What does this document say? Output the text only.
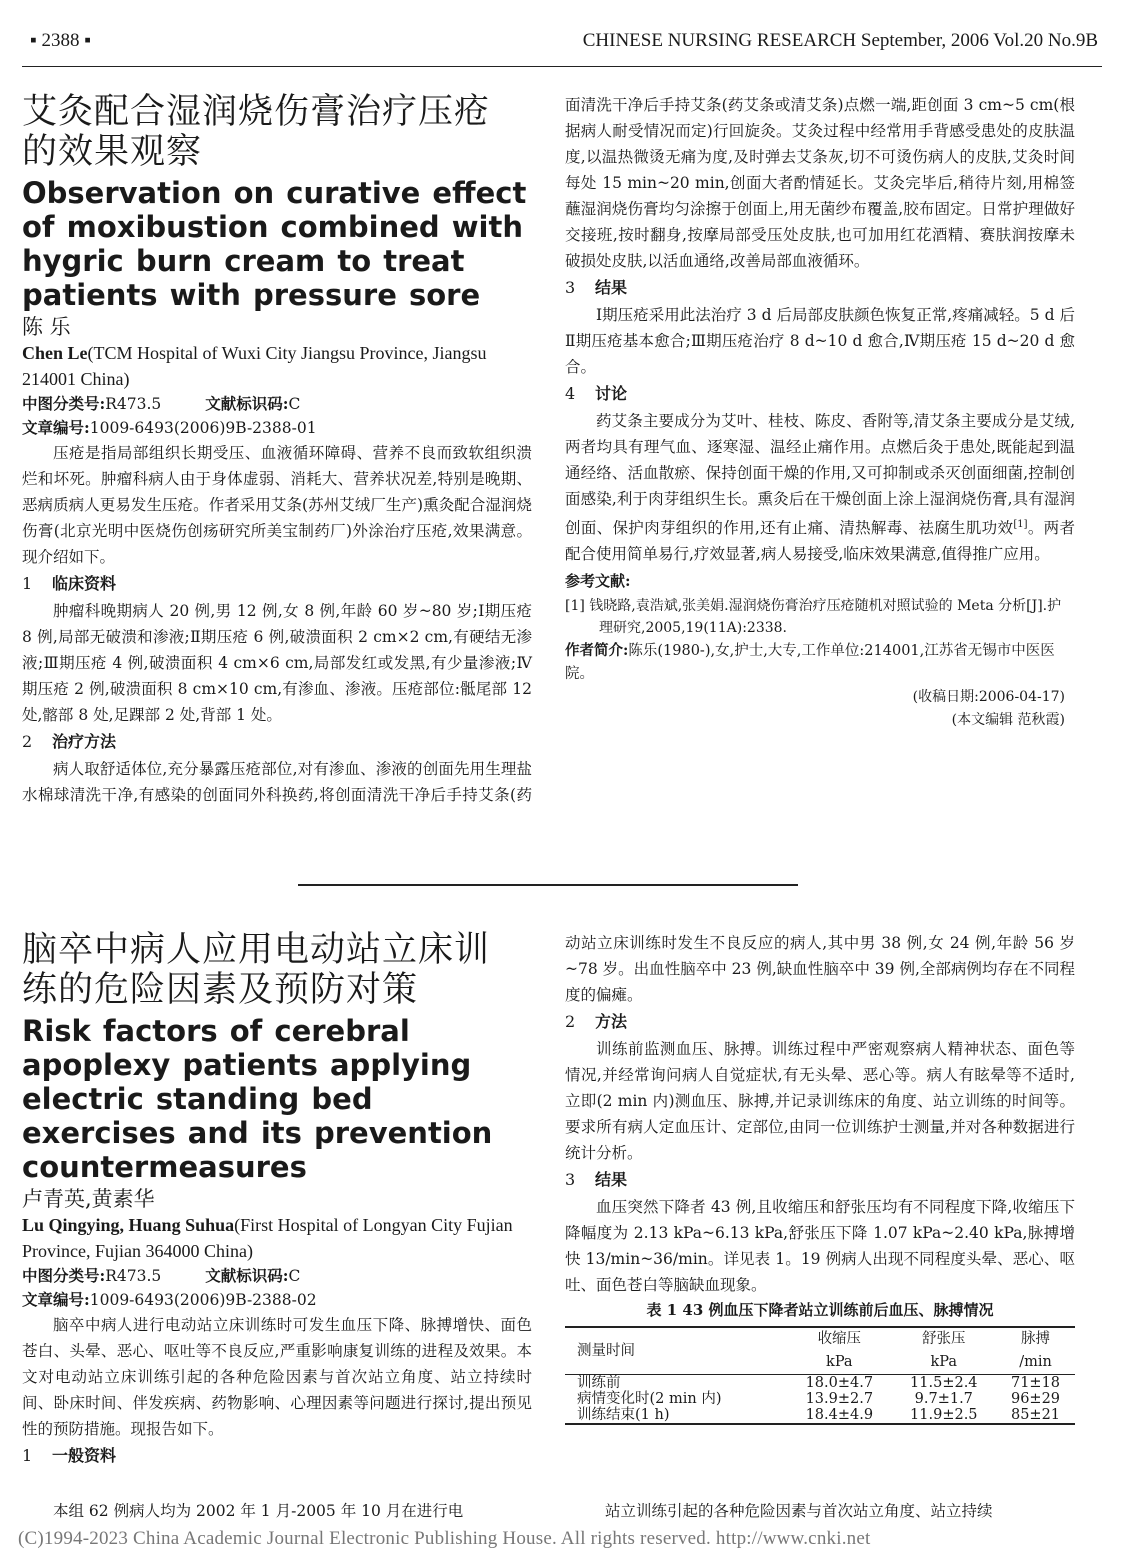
▪ 2388 ▪	CHINESE NURSING RESEARCH September, 2006 Vol.20 No.9B
艾灸配合湿润烧伤膏治疗压疮的效果观察
Observation on curative effect of moxibustion combined with hygric burn cream to treat patients with pressure sore

陈 乐

Chen Le(TCM Hospital of Wuxi City Jiangsu Province, Jiangsu 214001 China)

中图分类号:R473.5	文献标识码:C

文章编号:1009-6493(2006)9B-2388-01

压疮是指局部组织长期受压、血液循环障碍、营养不良而致软组织溃烂和坏死。肿瘤科病人由于身体虚弱、消耗大、营养状况差,特别是晚期、恶病质病人更易发生压疮。作者采用艾条(苏州艾绒厂生产)熏灸配合湿润烧伤膏(北京光明中医烧伤创疡研究所美宝制药厂)外涂治疗压疮,效果满意。现介绍如下。

1 临床资料

肿瘤科晚期病人 20 例,男 12 例,女 8 例,年龄 60 岁~80 岁;Ⅰ期压疮 8 例,局部无破溃和渗液;Ⅱ期压疮 6 例,破溃面积 2 cm×2 cm,有硬结无渗液;Ⅲ期压疮 4 例,破溃面积 4 cm×6 cm,局部发红或发黑,有少量渗液;Ⅳ期压疮 2 例,破溃面积 8 cm×10 cm,有渗血、渗液。压疮部位:骶尾部 12 处,髂部 8 处,足踝部 2 处,背部 1 处。

2 治疗方法

病人取舒适体位,充分暴露压疮部位,对有渗血、渗液的创面先用生理盐水棉球清洗干净,有感染的创面同外科换药,将创面清洗干净后手持艾条(药

面清洗干净后手持艾条(药艾条或清艾条)点燃一端,距创面 3 cm~5 cm(根据病人耐受情况而定)行回旋灸。艾灸过程中经常用手背感受患处的皮肤温度,以温热微烫无痛为度,及时弹去艾条灰,切不可烫伤病人的皮肤,艾灸时间每处 15 min~20 min,创面大者酌情延长。艾灸完毕后,稍待片刻,用棉签蘸湿润烧伤膏均匀涂擦于创面上,用无菌纱布覆盖,胶布固定。日常护理做好交接班,按时翻身,按摩局部受压处皮肤,也可加用红花酒精、赛肤润按摩未破损处皮肤,以活血通络,改善局部血液循环。

3 结果

Ⅰ期压疮采用此法治疗 3 d 后局部皮肤颜色恢复正常,疼痛减轻。5 d 后Ⅱ期压疮基本愈合;Ⅲ期压疮治疗 8 d~10 d 愈合,Ⅳ期压疮 15 d~20 d 愈合。

4 讨论

药艾条主要成分为艾叶、桂枝、陈皮、香附等,清艾条主要成分是艾绒,两者均具有理气血、逐寒湿、温经止痛作用。点燃后灸于患处,既能起到温通经络、活血散瘀、保持创面干燥的作用,又可抑制或杀灭创面细菌,控制创面感染,利于肉芽组织生长。熏灸后在干燥创面上涂上湿润烧伤膏,具有湿润创面、保护肉芽组织的作用,还有止痛、清热解毒、祛腐生肌功效[1]。两者配合使用简单易行,疗效显著,病人易接受,临床效果满意,值得推广应用。

参考文献:

[1] 钱晓路,袁浩斌,张美娟.湿润烧伤膏治疗压疮随机对照试验的 Meta 分析[J].护理研究,2005,19(11A):2338.

作者简介:陈乐(1980-),女,护士,大专,工作单位:214001,江苏省无锡市中医医院。

(收稿日期:2006-04-17)

(本文编辑 范秋霞)

脑卒中病人应用电动站立床训练的危险因素及预防对策
Risk factors of cerebral apoplexy patients applying electric standing bed exercises and its prevention countermeasures

卢青英,黄素华

Lu Qingying, Huang Suhua(First Hospital of Longyan City Fujian Province, Fujian 364000 China)

中图分类号:R473.5	文献标识码:C

文章编号:1009-6493(2006)9B-2388-02

脑卒中病人进行电动站立床训练时可发生血压下降、脉搏增快、面色苍白、头晕、恶心、呕吐等不良反应,严重影响康复训练的进程及效果。本文对电动站立床训练引起的各种危险因素与首次站立角度、站立持续时间、卧床时间、伴发疾病、药物影响、心理因素等问题进行探讨,提出预见性的预防措施。现报告如下。

1 一般资料

本组 62 例病人均为 2002 年 1 月-2005 年 10 月在进行电

动站立床训练时发生不良反应的病人,其中男 38 例,女 24 例,年龄 56 岁~78 岁。出血性脑卒中 23 例,缺血性脑卒中 39 例,全部病例均存在不同程度的偏瘫。

2 方法

训练前监测血压、脉搏。训练过程中严密观察病人精神状态、面色等情况,并经常询问病人自觉症状,有无头晕、恶心等。病人有眩晕等不适时,立即(2 min 内)测血压、脉搏,并记录训练床的角度、站立训练的时间等。要求所有病人定血压计、定部位,由同一位训练护士测量,并对各种数据进行统计分析。

3 结果

血压突然下降者 43 例,且收缩压和舒张压均有不同程度下降,收缩压下降幅度为 2.13 kPa~6.13 kPa,舒张压下降 1.07 kPa~2.40 kPa,脉搏增快 13/min~36/min。详见表 1。19 例病人出现不同程度头晕、恶心、呕吐、面色苍白等脑缺血现象。

表 1 43 例血压下降者站立训练前后血压、脉搏情况

测量时间	收缩压	舒张压	脉搏
	kPa	kPa	/min
训练前	18.0±4.7	11.5±2.4	71±18
病情变化时(2 min 内)	13.9±2.7	9.7±1.7	96±29
训练结束(1 h)	18.4±4.9	11.9±2.5	85±21
站立训练引起的各种危险因素与首次站立角度、站立持续
(C)1994-2023 China Academic Journal Electronic Publishing House. All rights reserved. http://www.cnki.net
